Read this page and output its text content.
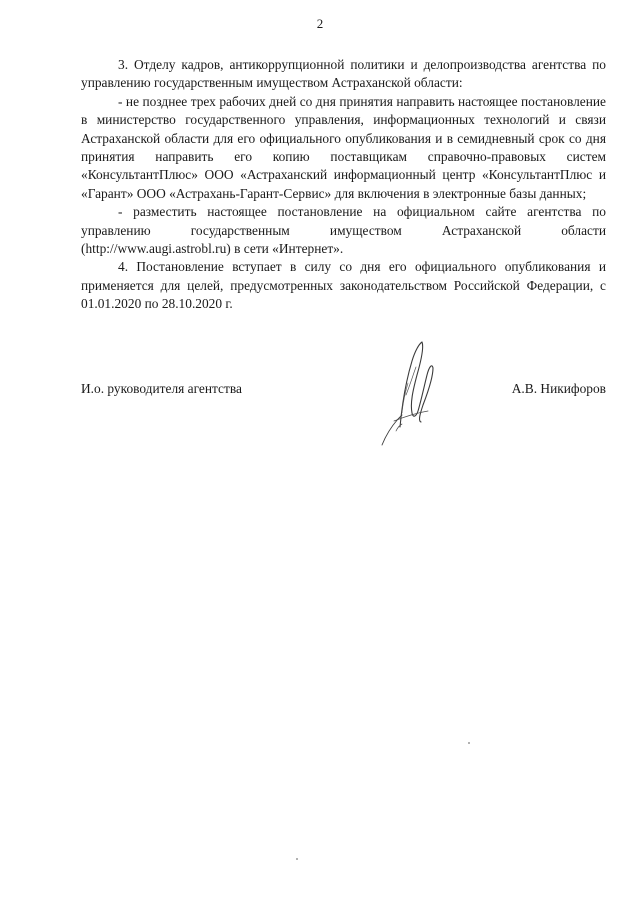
2

3. Отделу кадров, антикоррупционной политики и делопроизводства агентства по управлению государственным имуществом Астраханской области:

- не позднее трех рабочих дней со дня принятия направить настоящее постановление в министерство государственного управления, информационных технологий и связи Астраханской области для его официального опубликования и в семидневный срок со дня принятия направить его копию поставщикам справочно-правовых систем «КонсультантПлюс» ООО «Астраханский информационный центр «КонсультантПлюс и «Гарант» ООО «Астрахань-Гарант-Сервис» для включения в электронные базы данных;

- разместить настоящее постановление на официальном сайте агентства по управлению государственным имуществом Астраханской области (http://www.augi.astrobl.ru) в сети «Интернет».

4. Постановление вступает в силу со дня его официального опубликования и применяется для целей, предусмотренных законодательством Российской Федерации, с 01.01.2020 по 28.10.2020 г.

И.о. руководителя агентства	А.В. Никифоров
